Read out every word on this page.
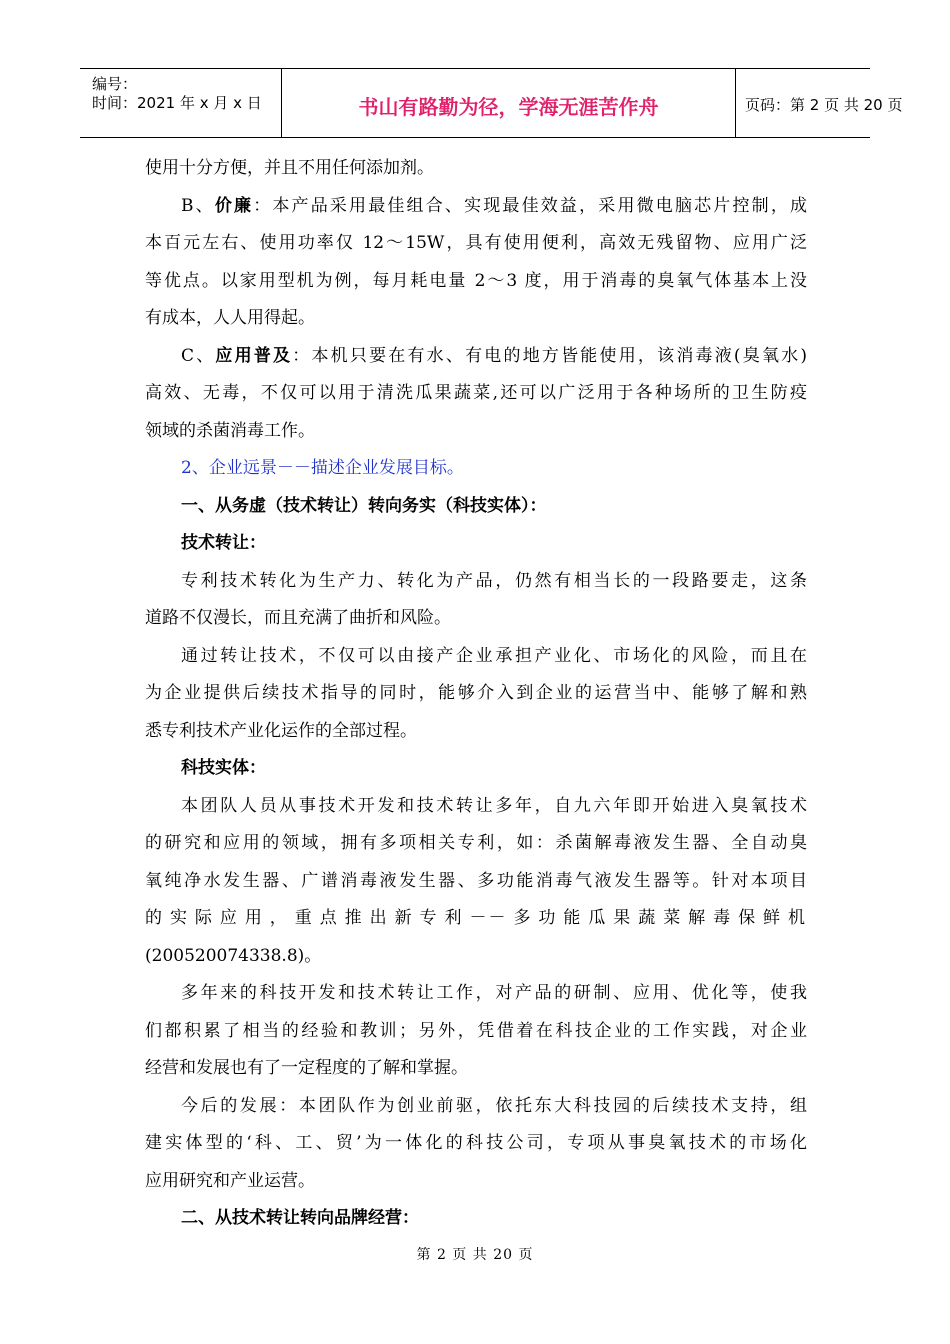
编号：
时间：2021 年 x 月 x 日	书山有路勤为径，学海无涯苦作舟	页码：第 2 页 共 20 页
使用十分方便，并且不用任何添加剂。
B、价廉：本产品采用最佳组合、实现最佳效益，采用微电脑芯片控制，成
本百元左右、使用功率仅 12～15W，具有使用便利，高效无残留物、应用广泛
等优点。以家用型机为例，每月耗电量 2～3 度，用于消毒的臭氧气体基本上没
有成本，人人用得起。
C、应用普及：本机只要在有水、有电的地方皆能使用，该消毒液(臭氧水)
高效、无毒，不仅可以用于清洗瓜果蔬菜,还可以广泛用于各种场所的卫生防疫
领域的杀菌消毒工作。
2、企业远景－－描述企业发展目标。
一、从务虚（技术转让）转向务实（科技实体）：
技术转让：
专利技术转化为生产力、转化为产品，仍然有相当长的一段路要走，这条
道路不仅漫长，而且充满了曲折和风险。
通过转让技术，不仅可以由接产企业承担产业化、市场化的风险，而且在
为企业提供后续技术指导的同时，能够介入到企业的运营当中、能够了解和熟
悉专利技术产业化运作的全部过程。
科技实体：
本团队人员从事技术开发和技术转让多年，自九六年即开始进入臭氧技术
的研究和应用的领域，拥有多项相关专利，如：杀菌解毒液发生器、全自动臭
氧纯净水发生器、广谱消毒液发生器、多功能消毒气液发生器等。针对本项目
的实际应用，重点推出新专利－－多功能瓜果蔬菜解毒保鲜机
(200520074338.8)。
多年来的科技开发和技术转让工作，对产品的研制、应用、优化等，使我
们都积累了相当的经验和教训；另外，凭借着在科技企业的工作实践，对企业
经营和发展也有了一定程度的了解和掌握。
今后的发展：本团队作为创业前驱，依托东大科技园的后续技术支持，组
建实体型的‘科、工、贸’为一体化的科技公司，专项从事臭氧技术的市场化
应用研究和产业运营。
二、从技术转让转向品牌经营：
第 2 页 共 20 页
